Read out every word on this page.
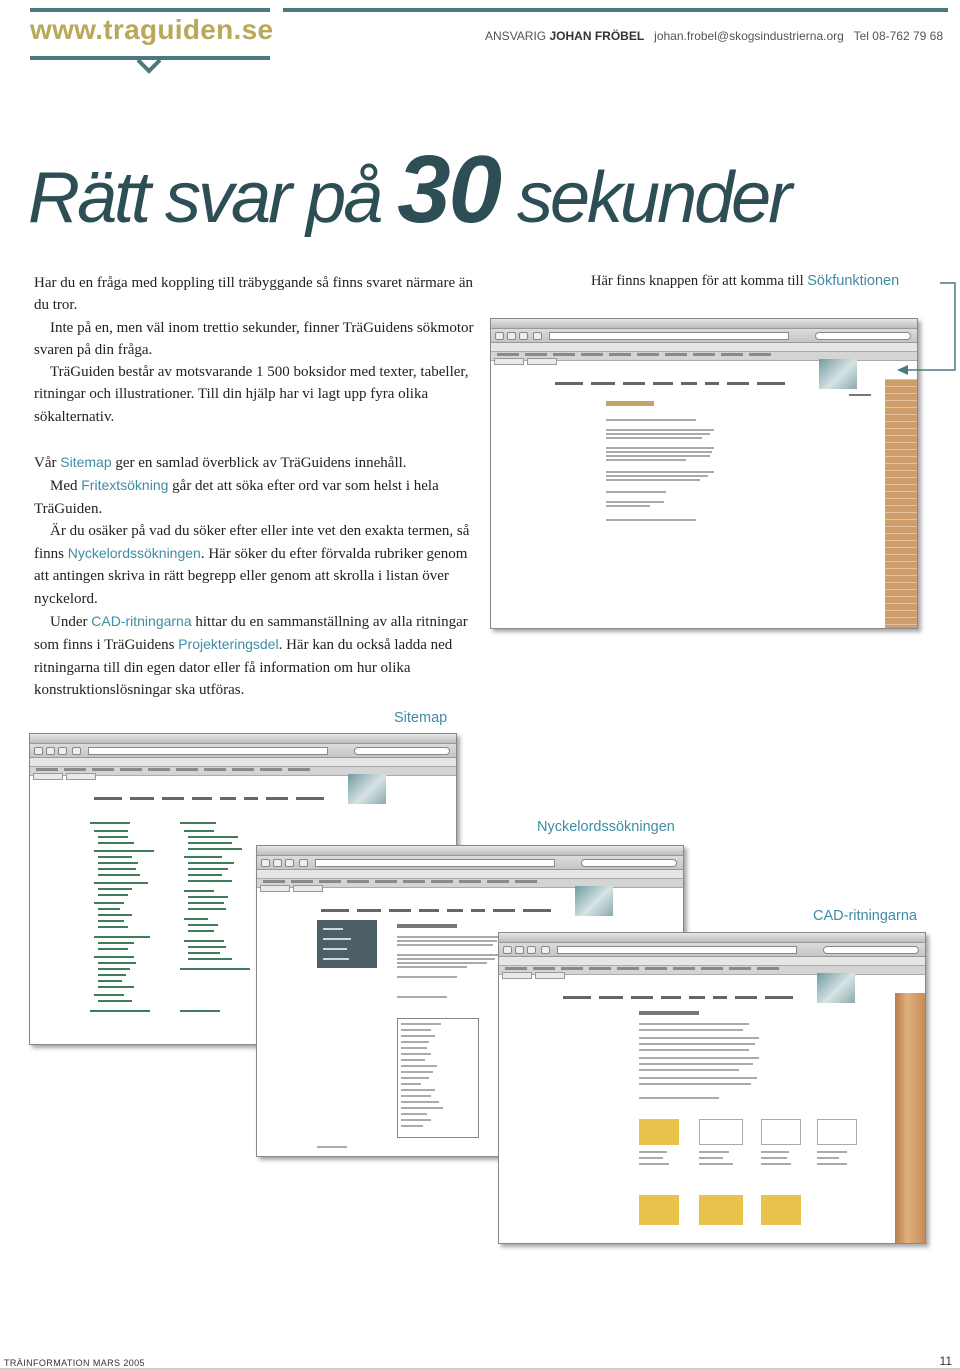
www.traguiden.se	ANSVARIG JOHAN FRÖBEL johan.frobel@skogsindustrierna.org Tel 08-762 79 68
Rätt svar på 30 sekunder

Har du en fråga med koppling till träbyggande så finns svaret närmare än du tror.

Inte på en, men väl inom trettio sekunder, finner TräGuidens sökmotor svaren på din fråga.

TräGuiden består av motsvarande 1 500 boksidor med texter, tabeller, ritningar och illustrationer. Till din hjälp har vi lagt upp fyra olika sökalternativ.

Vår Sitemap ger en samlad överblick av TräGuidens innehåll.

Med Fritextsökning går det att söka efter ord var som helst i hela TräGuiden.

Är du osäker på vad du söker efter eller inte vet den exakta termen, så finns Nyckelordssökningen. Här söker du efter förvalda rubriker genom att antingen skriva in rätt begrepp eller genom att skrolla i listan över nyckelord.

Under CAD-ritningarna hittar du en sammanställning av alla ritningar som finns i TräGuidens Projekteringsdel. Här kan du också ladda ned ritningarna till din egen dator eller få information om hur olika konstruktionslösningar ska utföras.

Här finns knappen för att komma till Sökfunktionen

Sitemap
Nyckelordssökningen
CAD-ritningarna
TRÄINFORMATION MARS 2005	11
